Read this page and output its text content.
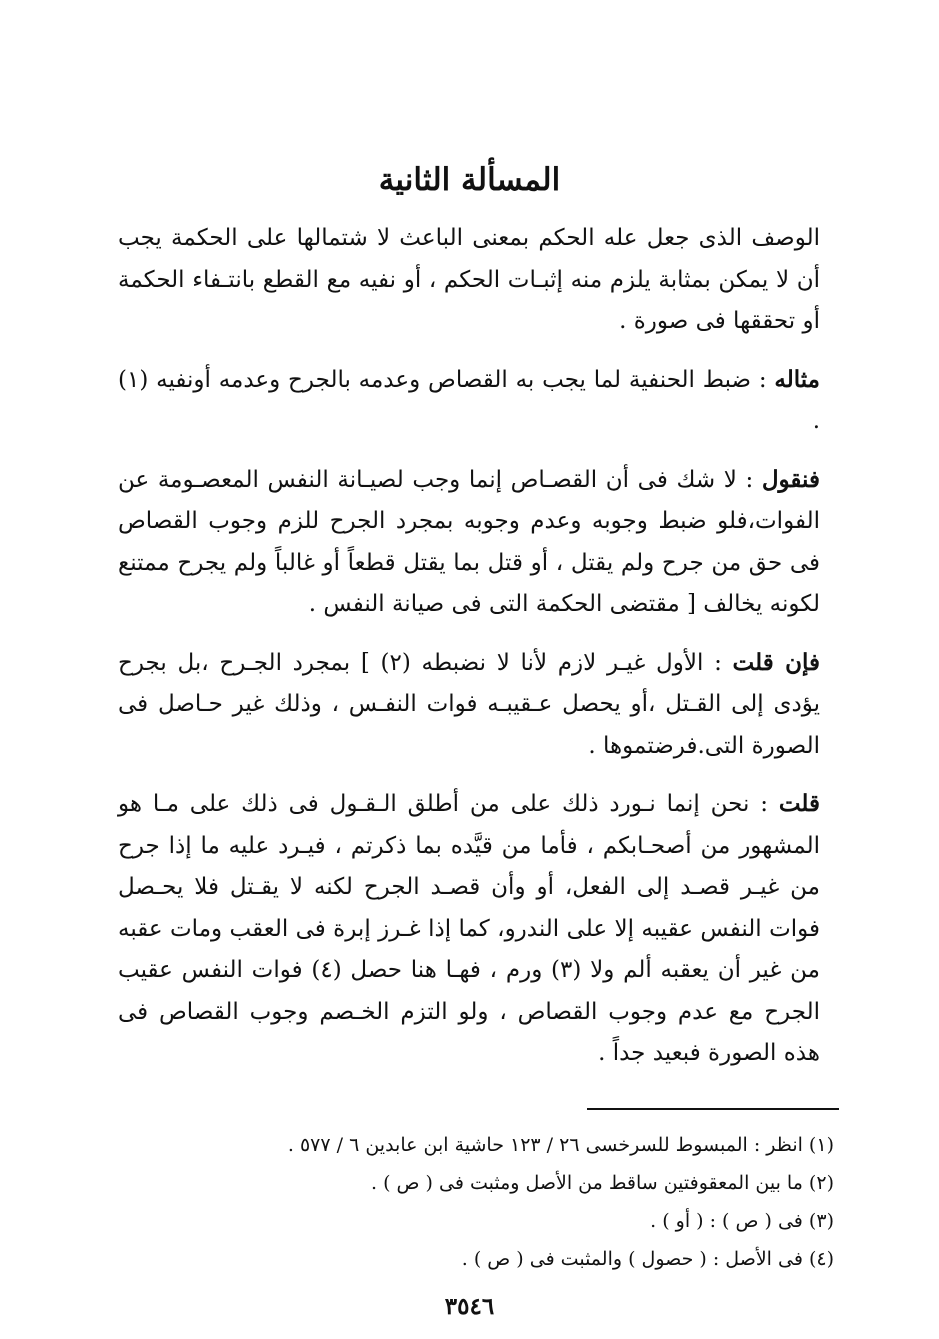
المسألة الثانية

الوصف الذى جعل عله الحكم بمعنى الباعث لا شتمالها على الحكمة يجب أن لا يمكن بمثابة يلزم منه إثبـات الحكم ، أو نفيه مع القطع بانتـفاء الحكمة أو تحققها فى صورة .

مثاله : ضبط الحنفية لما يجب به القصاص وعدمه بالجرح وعدمه أونفيه (١) .

فنقول : لا شك فى أن القصـاص إنما وجب لصيـانة النفس المعصـومة عن الفوات،فلو ضبط وجوبه وعدم وجوبه بمجرد الجرح للزم وجوب القصاص فى حق من جرح ولم يقتل ، أو قتل بما يقتل قطعاً أو غالباً ولم يجرح ممتنع لكونه يخالف [ مقتضى الحكمة التى فى صيانة النفس .

فإن قلت : الأول غيـر لازم لأنا لا نضبطه (٢) ] بمجرد الجـرح ،بل بجرح يؤدى إلى القـتل ،أو يحصل عـقيبـه فوات النفـس ، وذلك غير حـاصل فى الصورة التى.فرضتموها .

قلت : نحن إنما نـورد ذلك على من أطلق الـقـول فى ذلك على مـا هو المشهور من أصحـابكم ، فأما من قيَّده بما ذكرتم ، فيـرد عليه ما إذا جرح من غيـر قصـد إلى الفعل، أو وأن قصـد الجرح لكنه لا يقـتل فلا يحـصل فوات النفس عقيبه إلا على الندرو، كما إذا غـرز إبرة فى العقب ومات عقبه من غير أن يعقبه ألم ولا (٣) ورم ، فهـا هنا حصل (٤) فوات النفس عقيب الجرح مع عدم وجوب القصاص ، ولو التزم الخـصم وجوب القصاص فى هذه الصورة فبعيد جداً .

(١) انظر : المبسوط للسرخسى ٢٦ / ١٢٣ حاشية ابن عابدين ٦ / ٥٧٧ .

(٢) ما بين المعقوفتين ساقط من الأصل ومثبت فى ( ص ) .

(٣) فى ( ص ) : ( أو ) .

(٤) فى الأصل : ( حصول ) والمثبت فى ( ص ) .

٣٥٤٦
